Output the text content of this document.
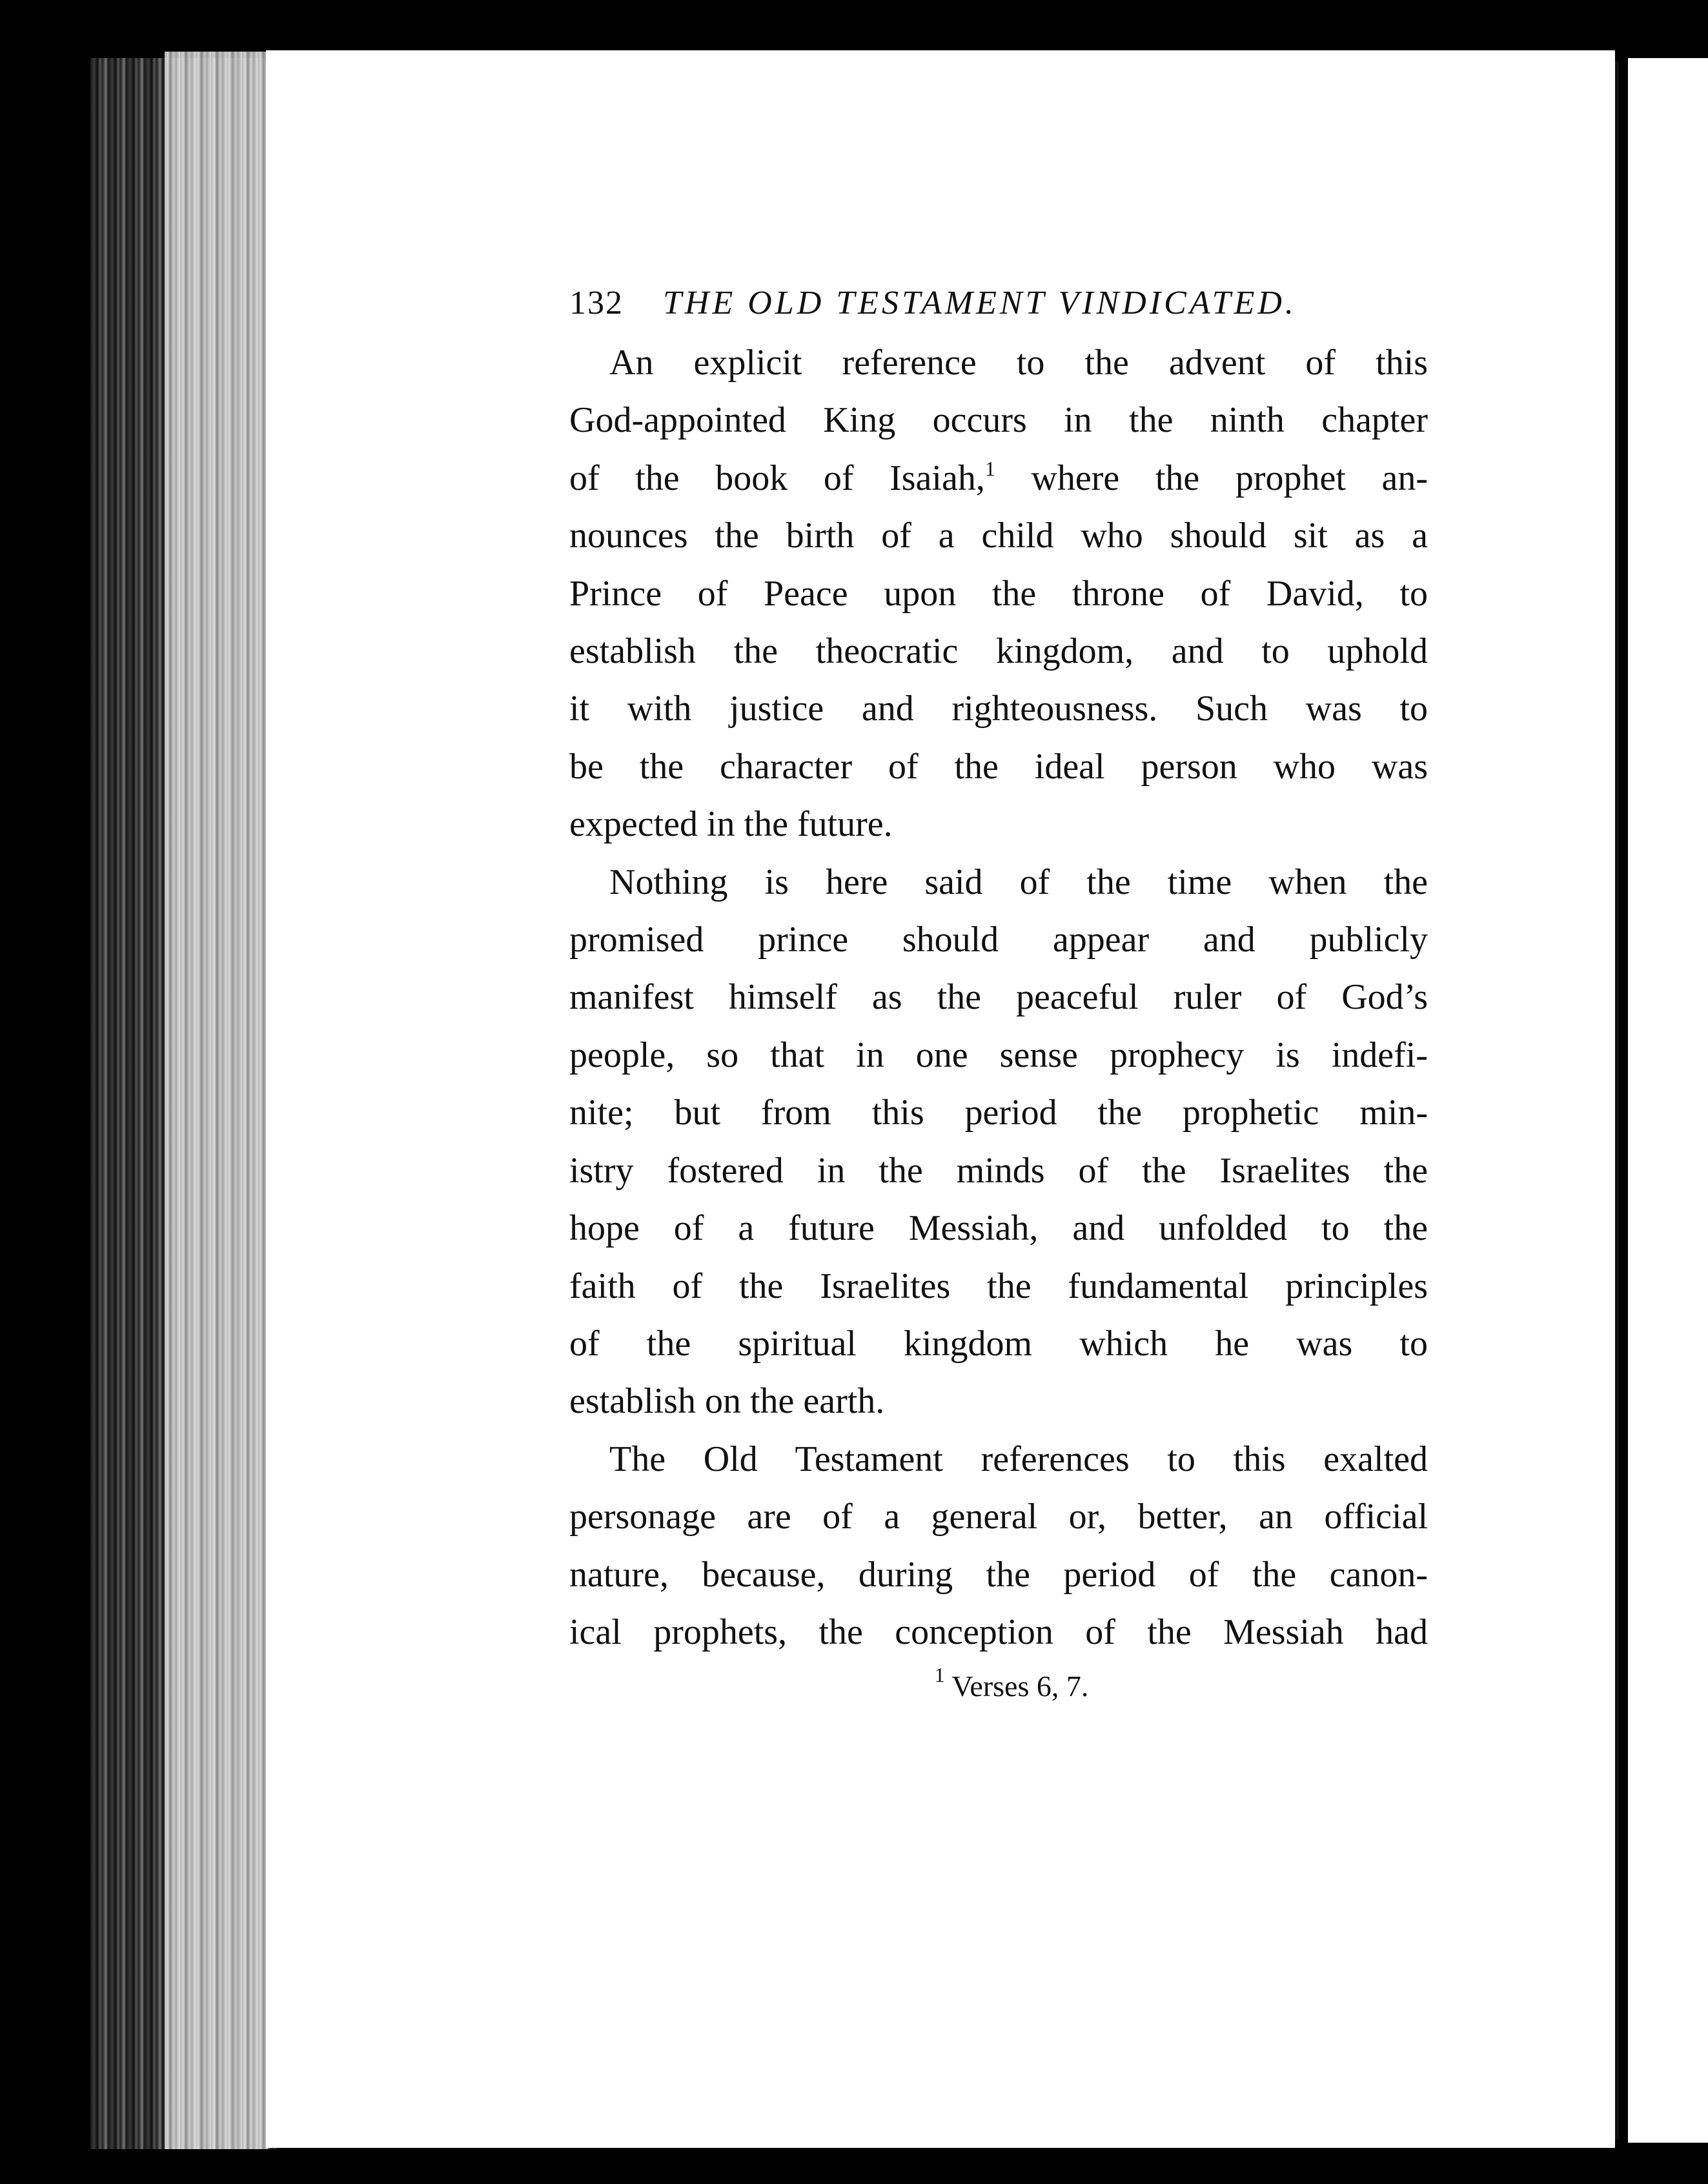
132 THE OLD TESTAMENT VINDICATED.

An explicit reference to the advent of this
God-appointed King occurs in the ninth chapter
of the book of Isaiah,$^1$ where the prophet an-
nounces the birth of a child who should sit as a
Prince of Peace upon the throne of David, to
establish the theocratic kingdom, and to uphold
it with justice and righteousness. Such was to
be the character of the ideal person who was
expected in the future.

Nothing is here said of the time when the
promised prince should appear and publicly
manifest himself as the peaceful ruler of God’s
people, so that in one sense prophecy is indefi-
nite; but from this period the prophetic min-
istry fostered in the minds of the Israelites the
hope of a future Messiah, and unfolded to the
faith of the Israelites the fundamental principles
of the spiritual kingdom which he was to
establish on the earth.

The Old Testament references to this exalted
personage are of a general or, better, an official
nature, because, during the period of the canon-
ical prophets, the conception of the Messiah had

$^1$ Verses 6, 7.
